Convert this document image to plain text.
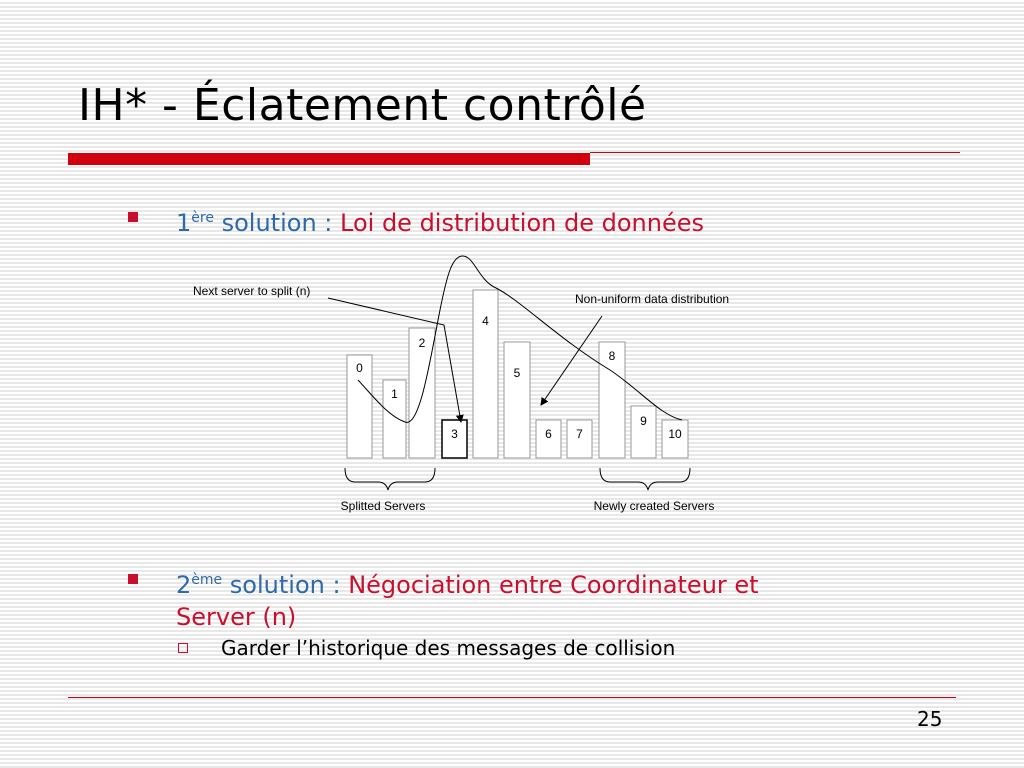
IH* - Éclatement contrôlé
1ère solution : Loi de distribution de données
0
1
2
3
4
5
6 7
8
9
10
Next server to split (n)
Non-uniform data distribution
Splitted Servers	Newly created Servers
2ème solution : Négociation entre Coordinateur et
Server (n)
Garder l’historique des messages de collision
25
